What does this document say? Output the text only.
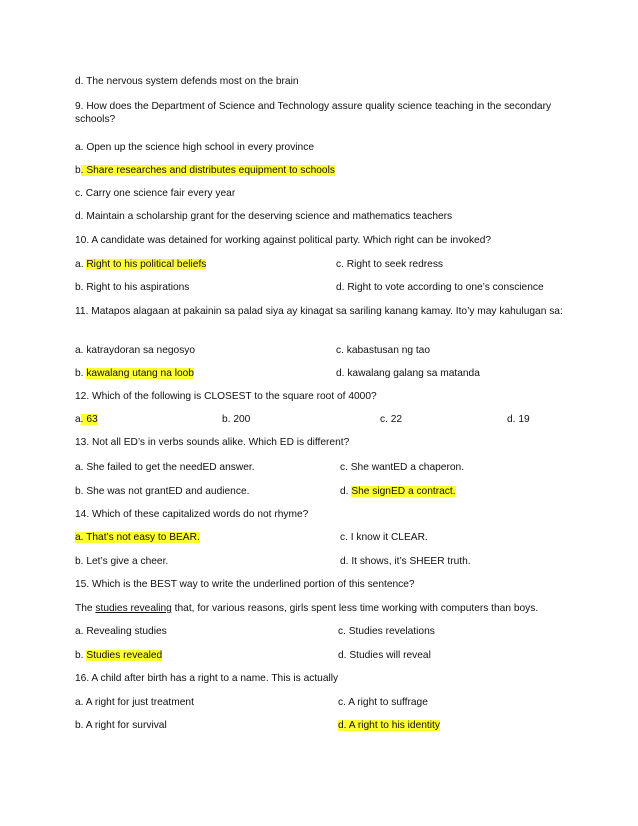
d. The nervous system defends most on the brain
9. How does the Department of Science and Technology assure quality science teaching in the secondary schools?
a. Open up the science high school in every province
b. Share researches and distributes equipment to schools
c. Carry one science fair every year
d. Maintain a scholarship grant for the deserving science and mathematics teachers
10. A candidate was detained for working against political party. Which right can be invoked?
a. Right to his political beliefs	c. Right to seek redress
b. Right to his aspirations	d. Right to vote according to one’s conscience
11. Matapos alagaan at pakainin sa palad siya ay kinagat sa sariling kanang kamay. Ito’y may kahulugan sa:
a. katraydoran sa negosyo	c. kabastusan ng tao
b. kawalang utang na loob	d. kawalang galang sa matanda
12. Which of the following is CLOSEST to the square root of 4000?
a. 63	b. 200	c. 22	d. 19
13. Not all ED’s in verbs sounds alike. Which ED is different?
a. She failed to get the needED answer.	c. She wantED a chaperon.
b. She was not grantED and audience.	d. She signED a contract.
14. Which of these capitalized words do not rhyme?
a. That’s not easy to BEAR.	c. I know it CLEAR.
b. Let’s give a cheer.	d. It shows, it’s SHEER truth.
15. Which is the BEST way to write the underlined portion of this sentence?
The studies revealing that, for various reasons, girls spent less time working with computers than boys.
a. Revealing studies	c. Studies revelations
b. Studies revealed	d. Studies will reveal
16. A child after birth has a right to a name. This is actually
a. A right for just treatment	c. A right to suffrage
b. A right for survival	d. A right to his identity
